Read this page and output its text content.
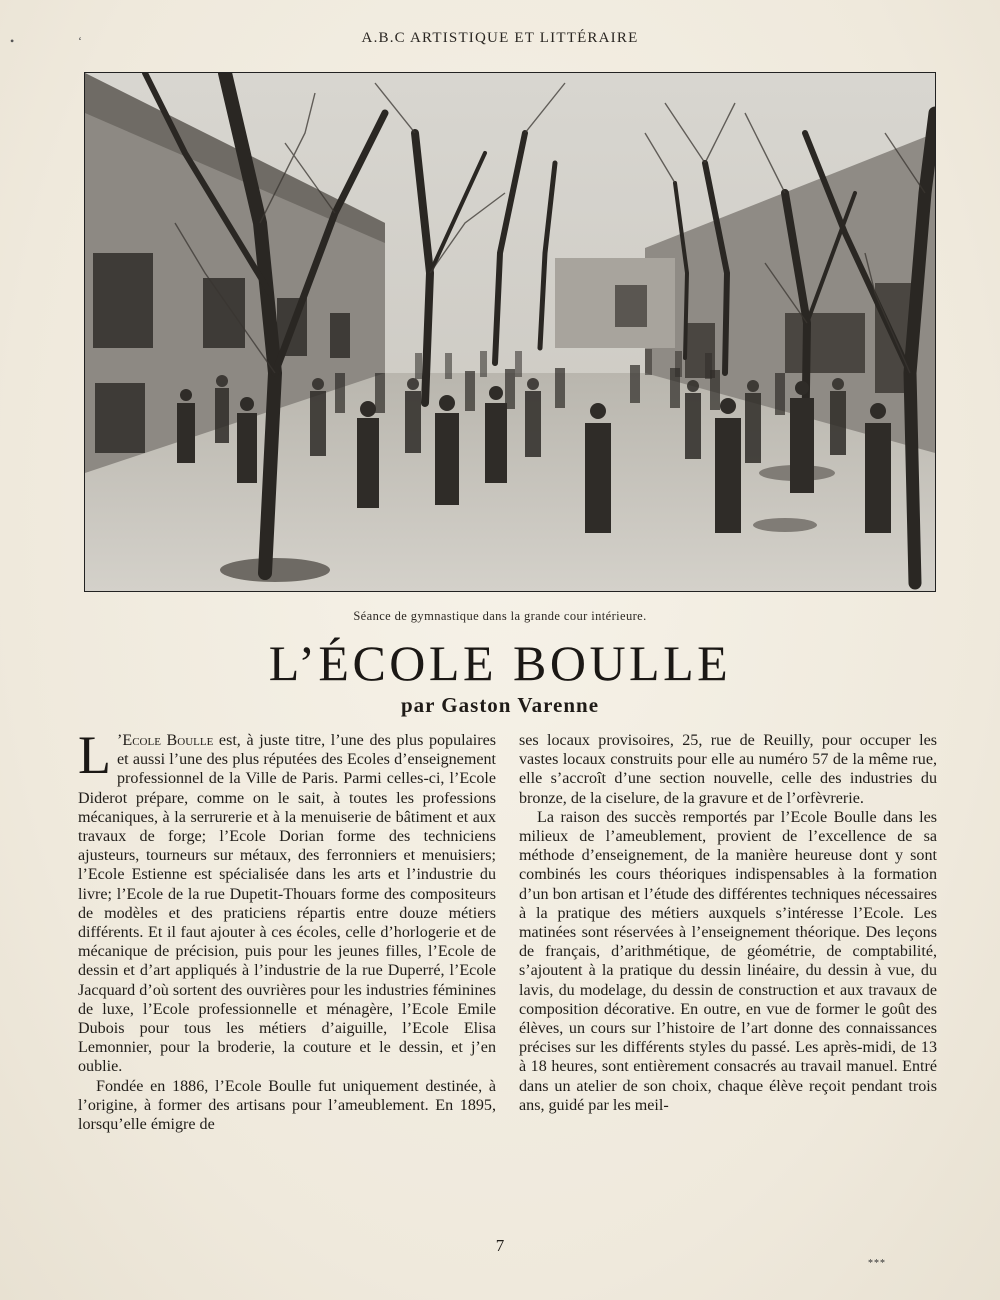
•	‘	A.B.C ARTISTIQUE ET LITTÉRAIRE
Séance de gymnastique dans la grande cour intérieure.
L’ÉCOLE BOULLE
par Gaston Varenne

L ’Ecole Boulle est, à juste titre, l’une des plus populaires et aussi l’une des plus réputées des Ecoles d’enseignement professionnel de la Ville de Paris. Parmi celles-ci, l’Ecole Diderot prépare, comme on le sait, à toutes les professions mécaniques, à la serrurerie et à la menuiserie de bâtiment et aux travaux de forge; l’Ecole Dorian forme des techniciens ajusteurs, tourneurs sur métaux, des ferronniers et menuisiers; l’Ecole Estienne est spécialisée dans les arts et l’industrie du livre; l’Ecole de la rue Dupetit-Thouars forme des compositeurs de modèles et des praticiens répartis entre douze métiers différents. Et il faut ajouter à ces écoles, celle d’horlogerie et de mécanique de précision, puis pour les jeunes filles, l’Ecole de dessin et d’art appliqués à l’industrie de la rue Duperré, l’Ecole Jacquard d’où sortent des ouvrières pour les industries féminines de luxe, l’Ecole professionnelle et ménagère, l’Ecole Emile Dubois pour tous les métiers d’aiguille, l’Ecole Elisa Lemonnier, pour la broderie, la couture et le dessin, et j’en oublie.

Fondée en 1886, l’Ecole Boulle fut uniquement destinée, à l’origine, à former des artisans pour l’ameublement. En 1895, lorsqu’elle émigre de

ses locaux provisoires, 25, rue de Reuilly, pour occuper les vastes locaux construits pour elle au numéro 57 de la même rue, elle s’accroît d’une section nouvelle, celle des industries du bronze, de la ciselure, de la gravure et de l’orfèvrerie.

La raison des succès remportés par l’Ecole Boulle dans les milieux de l’ameublement, provient de l’excellence de sa méthode d’enseignement, de la manière heureuse dont y sont combinés les cours théoriques indispensables à la formation d’un bon artisan et l’étude des différentes techniques nécessaires à la pratique des métiers auxquels s’intéresse l’Ecole. Les matinées sont réservées à l’enseignement théorique. Des leçons de français, d’arithmétique, de géométrie, de comptabilité, s’ajoutent à la pratique du dessin linéaire, du dessin à vue, du lavis, du modelage, du dessin de construction et aux travaux de composition décorative. En outre, en vue de former le goût des élèves, un cours sur l’histoire de l’art donne des connaissances précises sur les différents styles du passé. Les après-midi, de 13 à 18 heures, sont entièrement consacrés au travail manuel. Entré dans un atelier de son choix, chaque élève reçoit pendant trois ans, guidé par les meil-

7
***
